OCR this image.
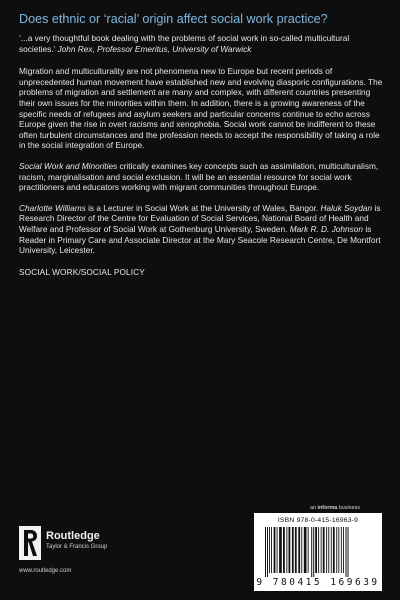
Does ethnic or ‘racial’ origin affect social work practice?
‘...a very thoughtful book dealing with the problems of social work in so-called multicultural societies.’ John Rex, Professor Emeritus, University of Warwick

Migration and multiculturality are not phenomena new to Europe but recent periods of unprecedented human movement have established new and evolving diasporic configurations. The problems of migration and settlement are many and complex, with different countries presenting their own issues for the minorities within them. In addition, there is a growing awareness of the specific needs of refugees and asylum seekers and particular concerns continue to echo across Europe given the rise in overt racisms and xenophobia. Social work cannot be indifferent to these often turbulent circumstances and the profession needs to accept the responsibility of taking a role in the social integration of Europe.

Social Work and Minorities critically examines key concepts such as assimilation, multiculturalism, racism, marginalisation and social exclusion. It will be an essential resource for social work practitioners and educators working with migrant communities throughout Europe.

Charlotte Williams is a Lecturer in Social Work at the University of Wales, Bangor. Haluk Soydan is Research Director of the Centre for Evaluation of Social Services, National Board of Health and Welfare and Professor of Social Work at Gothenburg University, Sweden. Mark R. D. Johnson is Reader in Primary Care and Associate Director at the Mary Seacole Research Centre, De Montfort University, Leicester.

SOCIAL WORK/SOCIAL POLICY
an informa business
Routledge
Taylor & Francis Group
www.routledge.com
ISBN 978-0-415-16963-9
9 780415 169639
